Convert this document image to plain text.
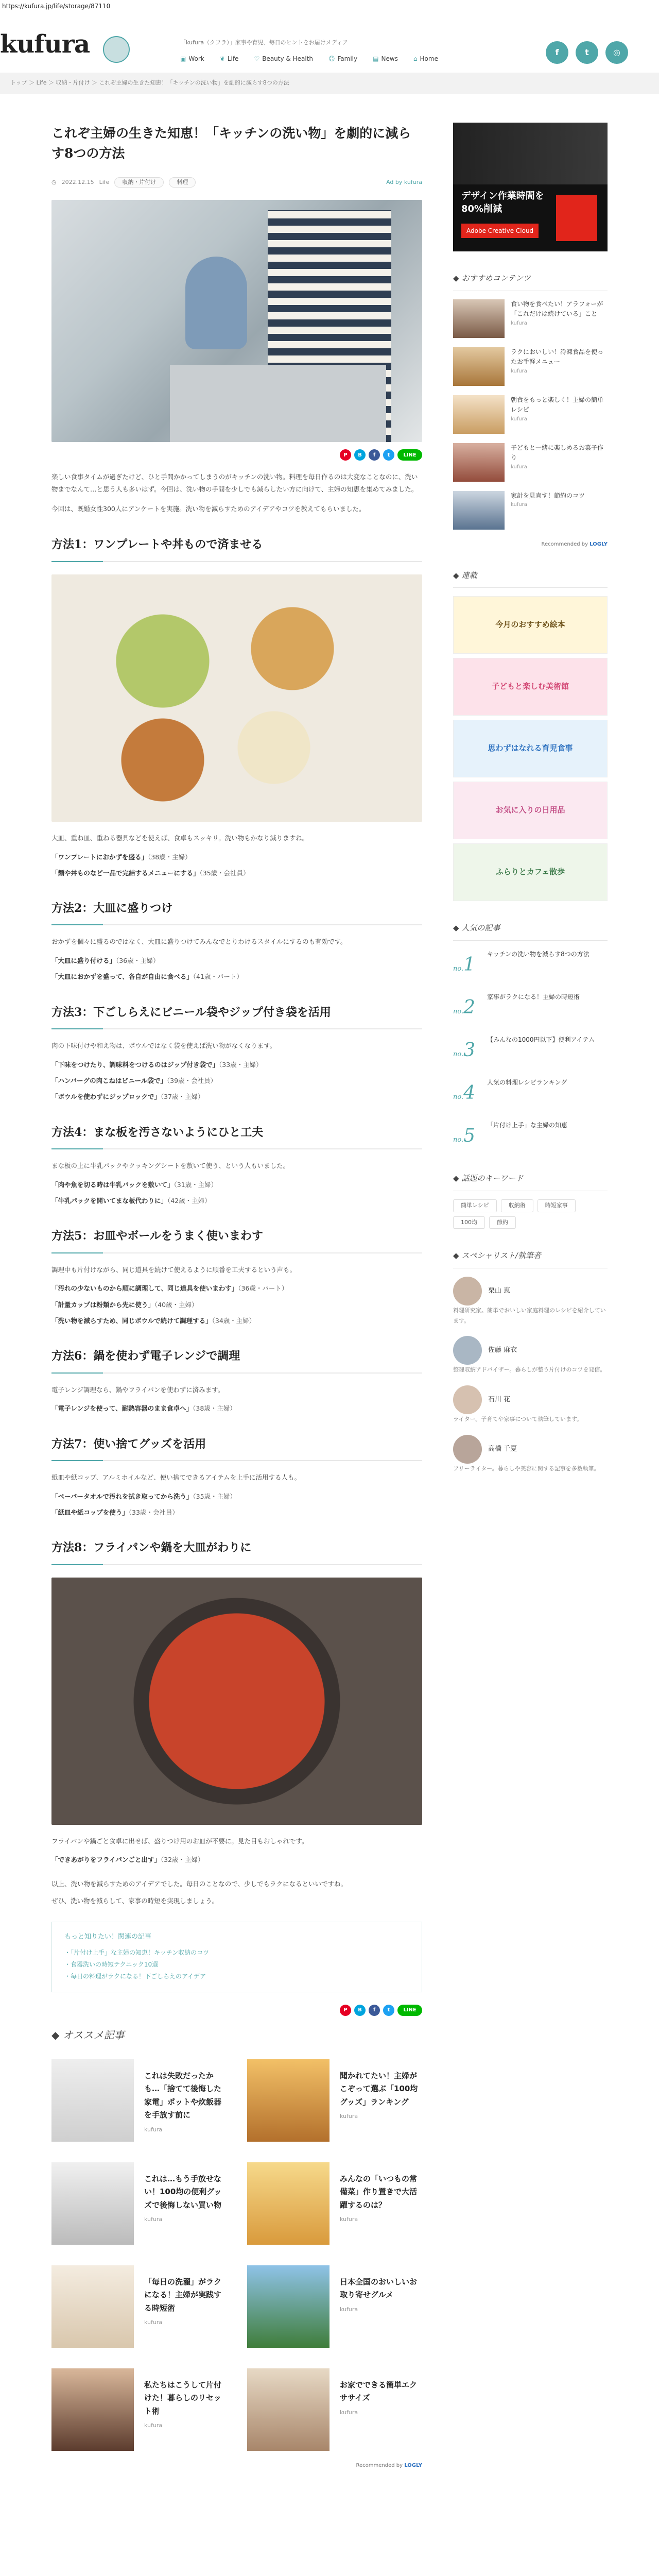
https://kufura.jp/life/storage/87110
kufura	「kufura（クフラ）」家事や育児、毎日のヒントをお届けメディア
▣ Work	❦ Life	♡ Beauty & Health	☺ Family	▤ News	⌂ Home
f	t	◎
トップ ＞ Life ＞ 収納・片付け ＞ これぞ主婦の生きた知恵！「キッチンの洗い物」を劇的に減らす8つの方法
これぞ主婦の生きた知恵！「キッチンの洗い物」を劇的に減らす8つの方法
◷ 2022.12.15 Life	収納・片付け	料理	Ad by kufura
P	B	f	t	LINE

楽しい食事タイムが過ぎたけど、ひと手間かかってしまうのがキッチンの洗い物。料理を毎日作るのは大変なことなのに、洗い物までなんて…と思う人も多いはず。今回は、洗い物の手間を少しでも減らしたい方に向けて、主婦の知恵を集めてみました。

今回は、既婚女性300人にアンケートを実施。洗い物を減らすためのアイデアやコツを教えてもらいました。

方法1：ワンプレートや丼もので済ませる

大皿、重ね皿、重ねる器具などを使えば、食卓もスッキリ。洗い物もかなり減りますね。

「ワンプレートにおかずを盛る」（38歳・主婦）

「麺や丼ものなど一品で完結するメニューにする」（35歳・会社員）

方法2：大皿に盛りつけ

おかずを個々に盛るのではなく、大皿に盛りつけてみんなでとりわけるスタイルにするのも有効です。

「大皿に盛り付ける」（36歳・主婦）

「大皿におかずを盛って、各自が自由に食べる」（41歳・パート）

方法3：下ごしらえにビニール袋やジップ付き袋を活用

肉の下味付けや和え物は、ボウルではなく袋を使えば洗い物がなくなります。

「下味をつけたり、調味料をつけるのはジップ付き袋で」（33歳・主婦）

「ハンバーグの肉こねはビニール袋で」（39歳・会社員）

「ボウルを使わずにジップロックで」（37歳・主婦）

方法4：まな板を汚さないようにひと工夫

まな板の上に牛乳パックやクッキングシートを敷いて使う、という人もいました。

「肉や魚を切る時は牛乳パックを敷いて」（31歳・主婦）

「牛乳パックを開いてまな板代わりに」（42歳・主婦）

方法5：お皿やボールをうまく使いまわす

調理中も片付けながら、同じ道具を続けて使えるように順番を工夫するという声も。

「汚れの少ないものから順に調理して、同じ道具を使いまわす」（36歳・パート）

「計量カップは粉類から先に使う」（40歳・主婦）

「洗い物を減らすため、同じボウルで続けて調理する」（34歳・主婦）

方法6：鍋を使わず電子レンジで調理

電子レンジ調理なら、鍋やフライパンを使わずに済みます。

「電子レンジを使って、耐熱容器のまま食卓へ」（38歳・主婦）

方法7：使い捨てグッズを活用

紙皿や紙コップ、アルミホイルなど、使い捨てできるアイテムを上手に活用する人も。

「ペーパータオルで汚れを拭き取ってから洗う」（35歳・主婦）

「紙皿や紙コップを使う」（33歳・会社員）

方法8：フライパンや鍋を大皿がわりに

フライパンや鍋ごと食卓に出せば、盛りつけ用のお皿が不要に。見た目もおしゃれです。

「できあがりをフライパンごと出す」（32歳・主婦）

以上、洗い物を減らすためのアイデアでした。毎日のことなので、少しでもラクになるといいですね。

ぜひ、洗い物を減らして、家事の時短を実現しましょう。

もっと知りたい！関連の記事
・ 「片付け上手」な主婦の知恵！キッチン収納のコツ
・ 食器洗いの時短テクニック10選
・ 毎日の料理がラクになる！下ごしらえのアイデア
P	B	f	t	LINE
◆ オススメ記事
これは失敗だったかも…「捨てて後悔した家電」ポットや炊飯器を手放す前に
kufura
聞かれてたい！主婦がこぞって選ぶ「100均グッズ」ランキング
kufura
これは…もう手放せない！100均の便利グッズで後悔しない買い物
kufura
みんなの「いつもの常備菜」作り置きで大活躍するのは？
kufura
「毎日の洗濯」がラクになる！主婦が実践する時短術
kufura
日本全国のおいしいお取り寄せグルメ
kufura
私たちはこうして片付けた！暮らしのリセット術
kufura
お家でできる簡単エクササイズ
kufura
Recommended by LOGLY
デザイン作業時間を80%削減
Adobe Creative Cloud
◆ おすすめコンテンツ
食い物を食べたい！アラフォーが「これだけは続けている」こと
kufura
ラクにおいしい！冷凍食品を使ったお手軽メニュー
kufura
朝食をもっと楽しく！主婦の簡単レシピ
kufura
子どもと一緒に楽しめるお菓子作り
kufura
家計を見直す！節約のコツ
kufura
Recommended by LOGLY
◆ 連載
今月のおすすめ絵本
子どもと楽しむ美術館
思わずはなれる育児食事
お気に入りの日用品
ふらりとカフェ散歩
◆ 人気の記事
no.1	キッチンの洗い物を減らす8つの方法
no.2	家事がラクになる！主婦の時短術
no.3	【みんなの1000円以下】便利アイテム
no.4	人気の料理レシピランキング
no.5	「片付け上手」な主婦の知恵
◆ 話題のキーワード
簡単レシピ	収納術	時短家事
100均	節約
◆ スペシャリスト/執筆者
栗山 恵
料理研究家。簡単でおいしい家庭料理のレシピを紹介しています。
佐藤 麻衣
整理収納アドバイザー。暮らしが整う片付けのコツを発信。
石川 花
ライター。子育てや家事について執筆しています。
高橋 千夏
フリーライター。暮らしや美容に関する記事を多数執筆。
